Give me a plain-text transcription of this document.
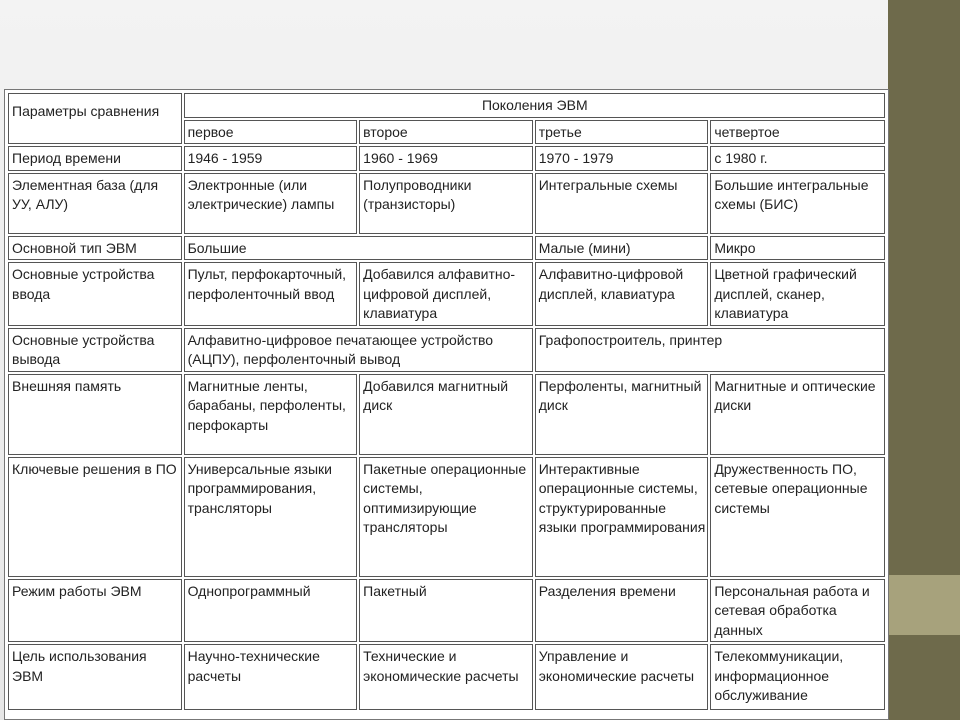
Параметры сравнения	Поколения ЭВМ			
	первое	второе	третье	четвертое
Период времени	1946 - 1959	1960 - 1969	1970 - 1979	с 1980 г.
Элементная база (для УУ, АЛУ)	Электронные (или электрические) лампы	Полупроводники (транзисторы)	Интегральные схемы	Большие интегральные схемы (БИС)
Основной тип ЭВМ	Большие		Малые (мини)	Микро
Основные устройства ввода	Пульт, перфокарточный, перфоленточный ввод	Добавился алфавитно-цифровой дисплей, клавиатура	Алфавитно-цифровой дисплей, клавиатура	Цветной графический дисплей, сканер, клавиатура
Основные устройства вывода	Алфавитно-цифровое печатающее устройство (АЦПУ), перфоленточный вывод		Графопостроитель, принтер	
Внешняя память	Магнитные ленты, барабаны, перфоленты, перфокарты	Добавился магнитный диск	Перфоленты, магнитный диск	Магнитные и оптические диски
Ключевые решения в ПО	Универсальные языки программирования, трансляторы	Пакетные операционные системы, оптимизирующие трансляторы	Интерактивные операционные системы, структурированные языки программирования	Дружественность ПО, сетевые операционные системы
Режим работы ЭВМ	Однопрограммный	Пакетный	Разделения времени	Персональная работа и сетевая обработка данных
Цель использования ЭВМ	Научно-технические расчеты	Технические и экономические расчеты	Управление и экономические расчеты	Телекоммуникации, информационное обслуживание
